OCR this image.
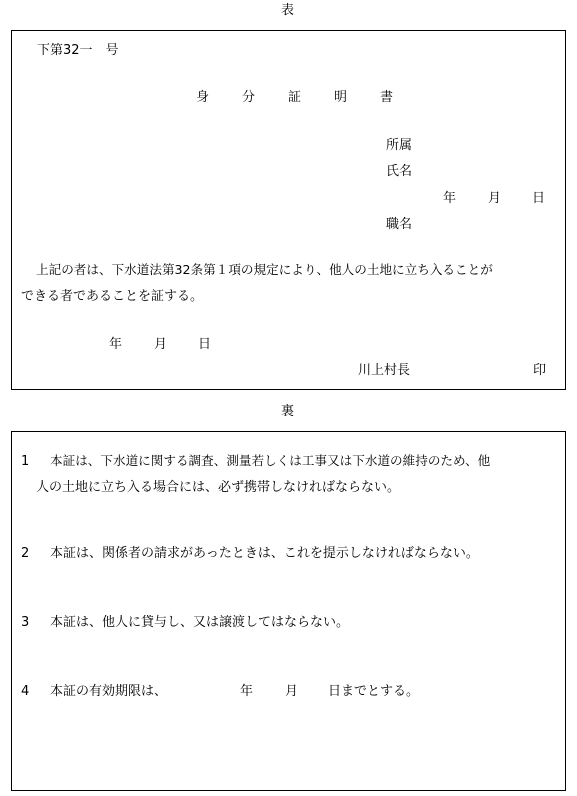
表
下第32一　号
身	分	証	明	書
所属
氏名
年 月 日
職名
上記の者は、下水道法第32条第１項の規定により、他人の土地に立ち入ることが
できる者であることを証する。
年 月 日
川上村長	印
裏
1 本証は、下水道に関する調査、測量若しくは工事又は下水道の維持のため、他
人の土地に立ち入る場合には、必ず携帯しなければならない。
2 本証は、関係者の請求があったときは、これを提示しなければならない。
3 本証は、他人に貸与し、又は譲渡してはならない。
4 本証の有効期限は、	年 月 日までとする。
